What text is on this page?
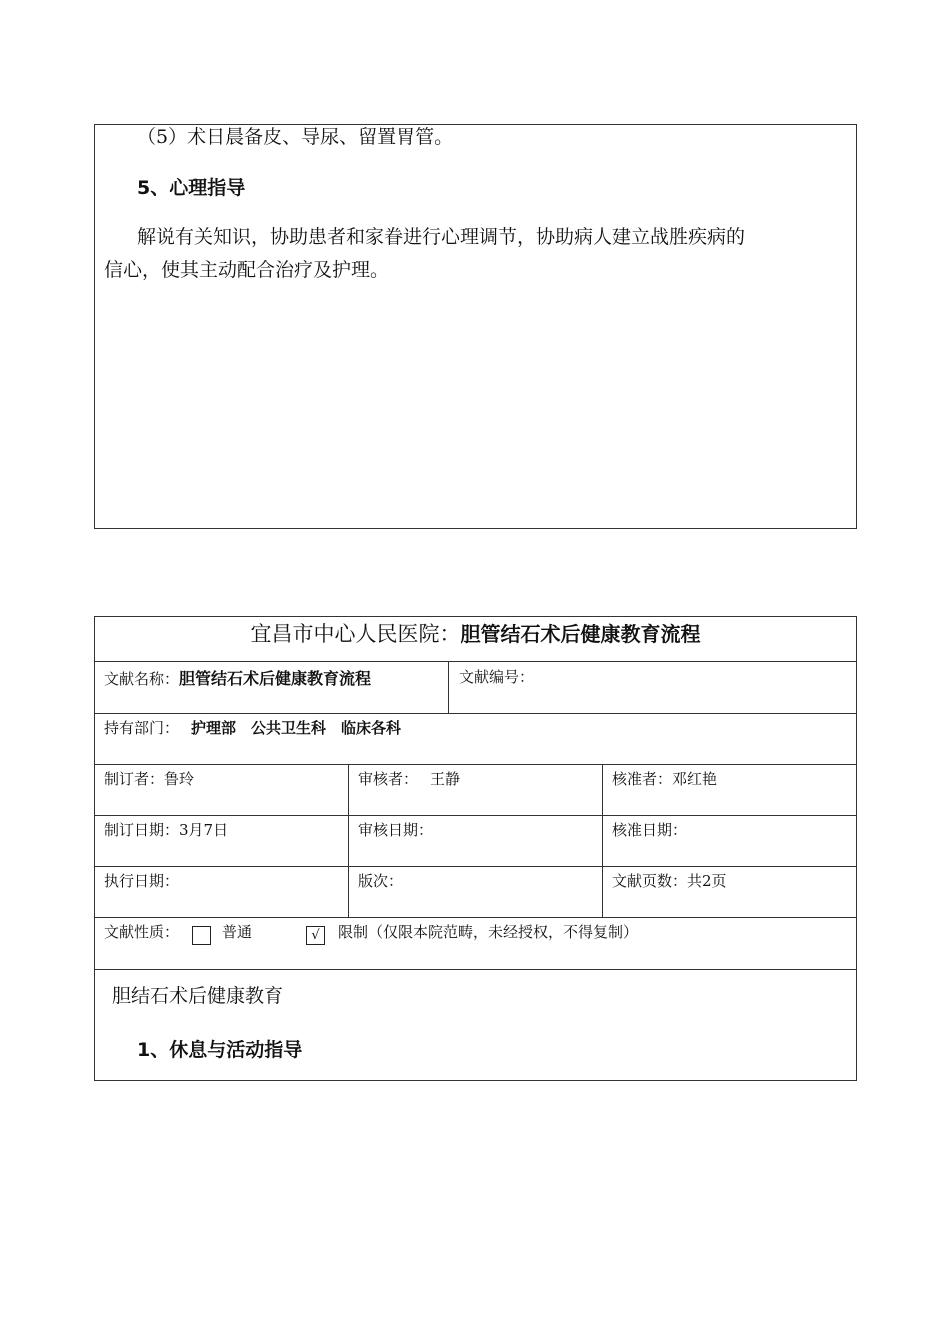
（5）术日晨备皮、导尿、留置胃管。
5、心理指导
解说有关知识，协助患者和家眷进行心理调节，协助病人建立战胜疾病的
信心，使其主动配合治疗及护理。
宜昌市中心人民医院：胆管结石术后健康教育流程
文献名称：胆管结石术后健康教育流程	文献编号：
持有部门： 护理部　公共卫生科　临床各科
制订者：鲁玲	审核者： 王静	核准者：邓红艳
制订日期：3月7日	审核日期：	核准日期：
执行日期：	版次：	文献页数：共2页
文献性质：	普通	√	限制（仅限本院范畴，未经授权，不得复制）
胆结石术后健康教育
1、休息与活动指导
